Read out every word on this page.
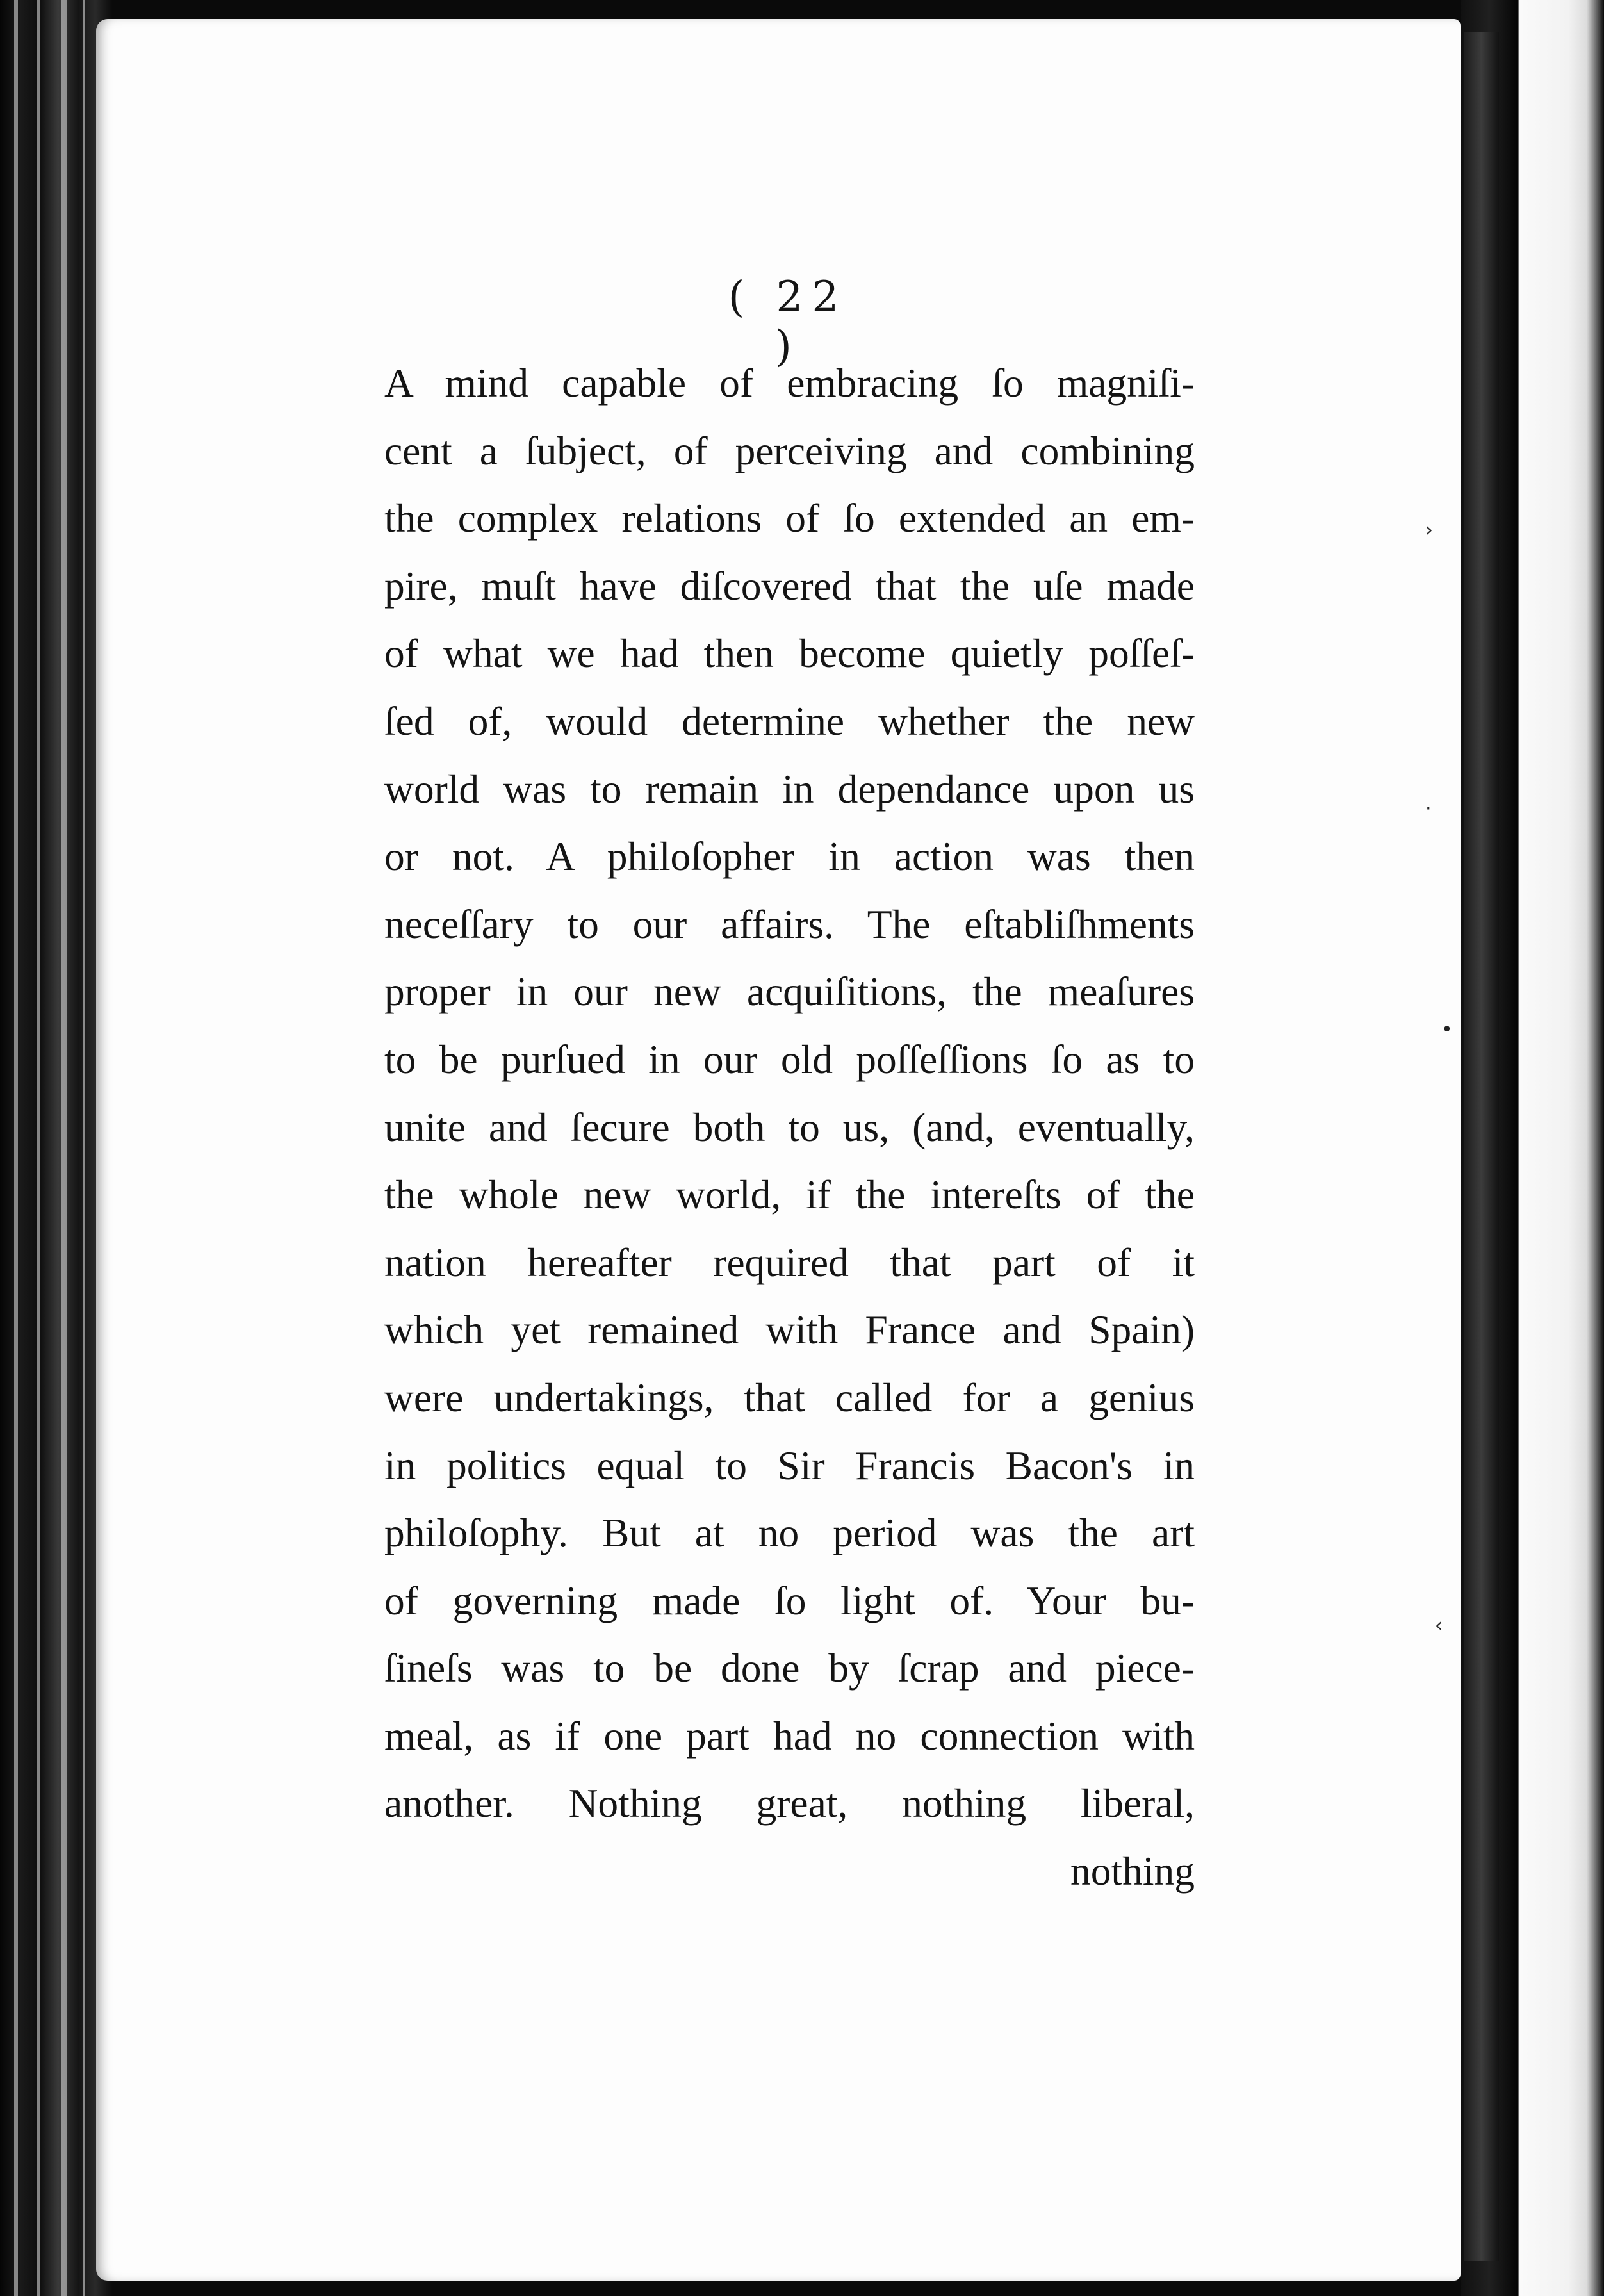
( 22 )
A mind capable of embracing ſo magniſi-
cent a ſubject, of perceiving and combining
the complex relations of ſo extended an em-
pire, muſt have diſcovered that the uſe made
of what we had then become quietly poſſeſ-
ſed of, would determine whether the new
world was to remain in dependance upon us
or not. A philoſopher in action was then
neceſſary to our affairs. The eſtabliſhments
proper in our new acquiſitions, the meaſures
to be purſued in our old poſſeſſions ſo as to
unite and ſecure both to us, (and, eventually,
the whole new world, if the intereſts of the
nation hereafter required that part of it
which yet remained with France and Spain)
were undertakings, that called for a genius
in politics equal to Sir Francis Bacon's in
philoſophy. But at no period was the art
of governing made ſo light of. Your bu-
ſineſs was to be done by ſcrap and piece-
meal, as if one part had no connection with
another. Nothing great, nothing liberal,
nothing
›
·
•
‹
